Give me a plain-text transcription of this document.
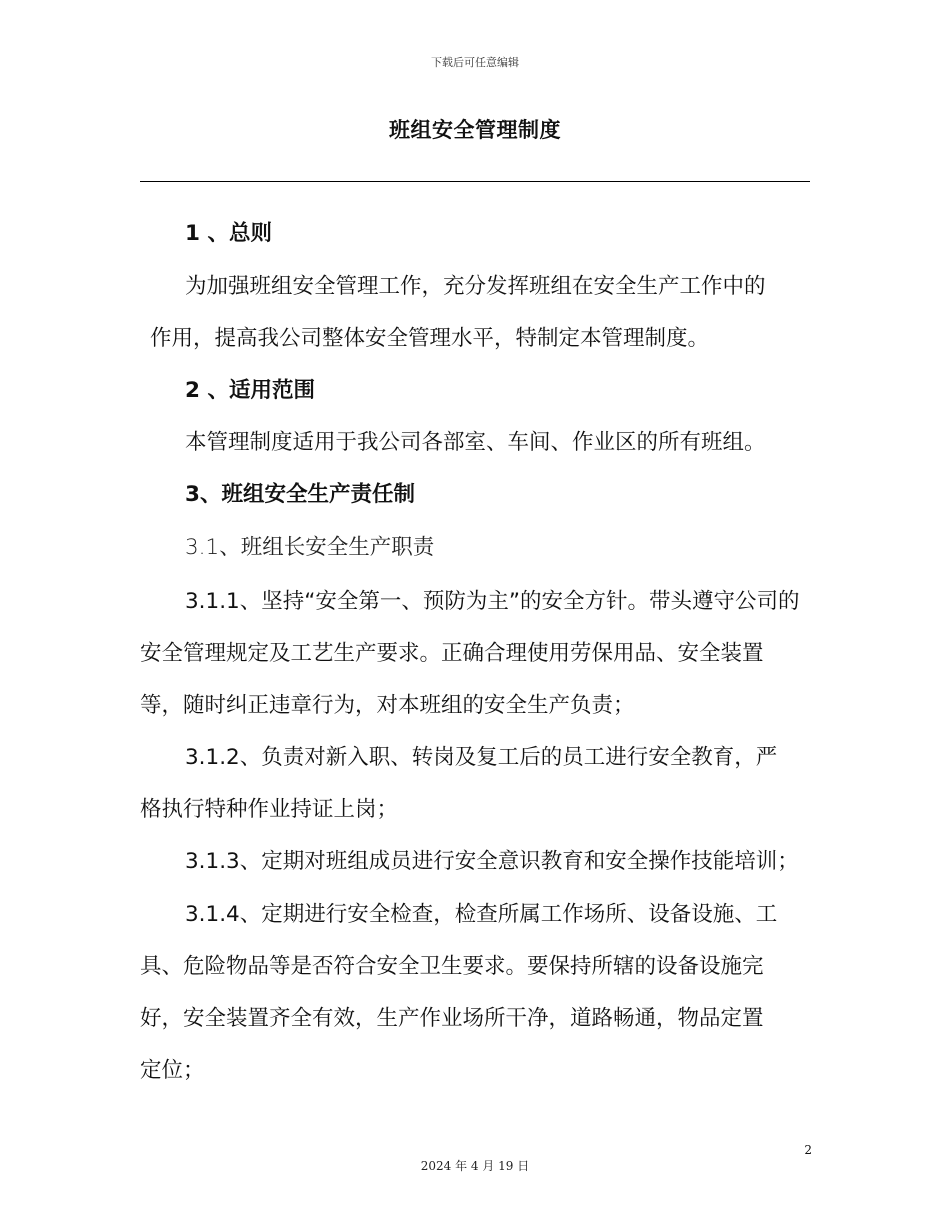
下载后可任意编辑
班组安全管理制度
1 、总则
为加强班组安全管理工作，充分发挥班组在安全生产工作中的
作用，提高我公司整体安全管理水平，特制定本管理制度。
2 、适用范围
本管理制度适用于我公司各部室、车间、作业区的所有班组。
3、班组安全生产责任制
3.1、班组长安全生产职责
3.1.1、坚持“安全第一、预防为主”的安全方针。带头遵守公司的
安全管理规定及工艺生产要求。正确合理使用劳保用品、安全装置
等，随时纠正违章行为，对本班组的安全生产负责；
3.1.2、负责对新入职、转岗及复工后的员工进行安全教育，严
格执行特种作业持证上岗；
3.1.3、定期对班组成员进行安全意识教育和安全操作技能培训；
3.1.4、定期进行安全检查，检查所属工作场所、设备设施、工
具、危险物品等是否符合安全卫生要求。要保持所辖的设备设施完
好，安全装置齐全有效，生产作业场所干净，道路畅通，物品定置
定位；
2
2024 年 4 月 19 日
